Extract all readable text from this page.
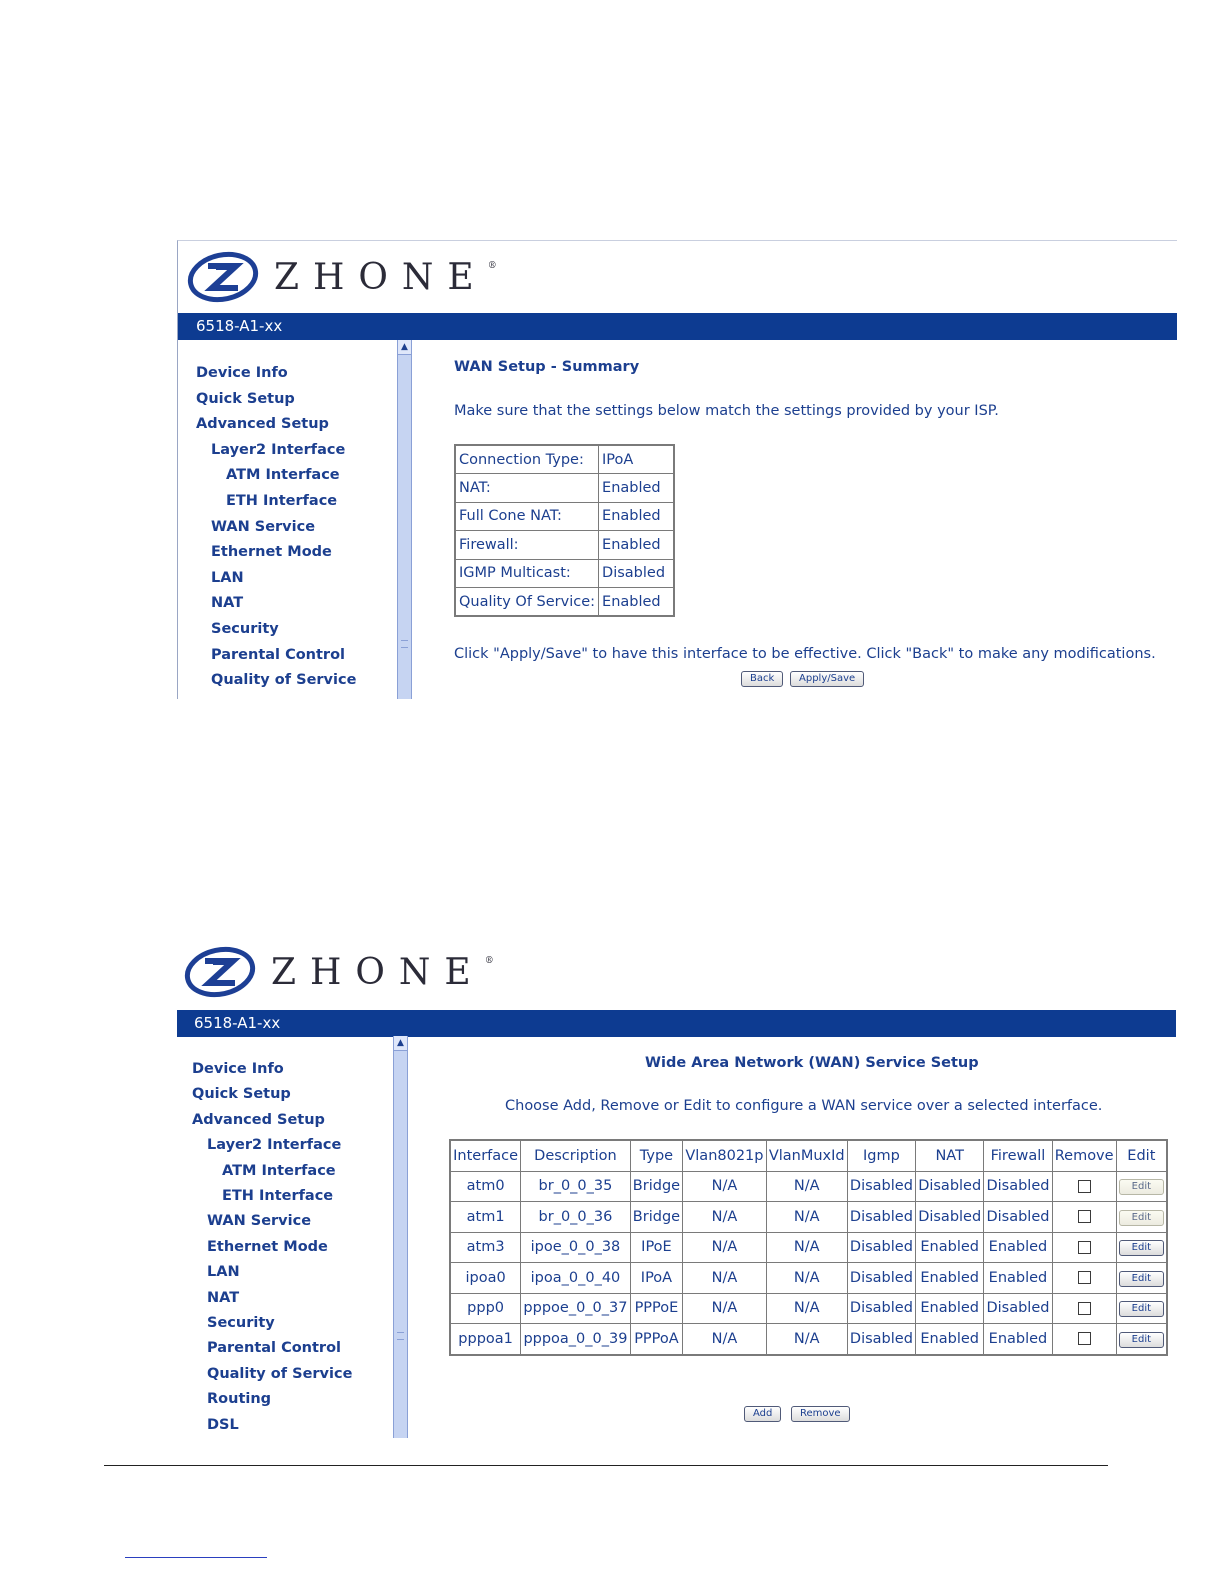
ZHONE®
6518-A1-xx
Device Info
Quick Setup
Advanced Setup
Layer2 Interface
ATM Interface
ETH Interface
WAN Service
Ethernet Mode
LAN
NAT
Security
Parental Control
Quality of Service
▲
WAN Setup - Summary
Make sure that the settings below match the settings provided by your ISP.
Connection Type:	IPoA
NAT:	Enabled
Full Cone NAT:	Enabled
Firewall:	Enabled
IGMP Multicast:	Disabled
Quality Of Service:	Enabled
Click "Apply/Save" to have this interface to be effective. Click "Back" to make any modifications.
Back	Apply/Save
ZHONE®
6518-A1-xx
Device Info
Quick Setup
Advanced Setup
Layer2 Interface
ATM Interface
ETH Interface
WAN Service
Ethernet Mode
LAN
NAT
Security
Parental Control
Quality of Service
Routing
DSL
▲
Wide Area Network (WAN) Service Setup
Choose Add, Remove or Edit to configure a WAN service over a selected interface.
Interface	Description	Type	Vlan8021p	VlanMuxId	Igmp	NAT	Firewall	Remove	Edit
atm0	br_0_0_35	Bridge	N/A	N/A	Disabled	Disabled	Disabled		Edit
atm1	br_0_0_36	Bridge	N/A	N/A	Disabled	Disabled	Disabled		Edit
atm3	ipoe_0_0_38	IPoE	N/A	N/A	Disabled	Enabled	Enabled		Edit
ipoa0	ipoa_0_0_40	IPoA	N/A	N/A	Disabled	Enabled	Enabled		Edit
ppp0	pppoe_0_0_37	PPPoE	N/A	N/A	Disabled	Enabled	Disabled		Edit
pppoa1	pppoa_0_0_39	PPPoA	N/A	N/A	Disabled	Enabled	Enabled		Edit
Add	Remove
